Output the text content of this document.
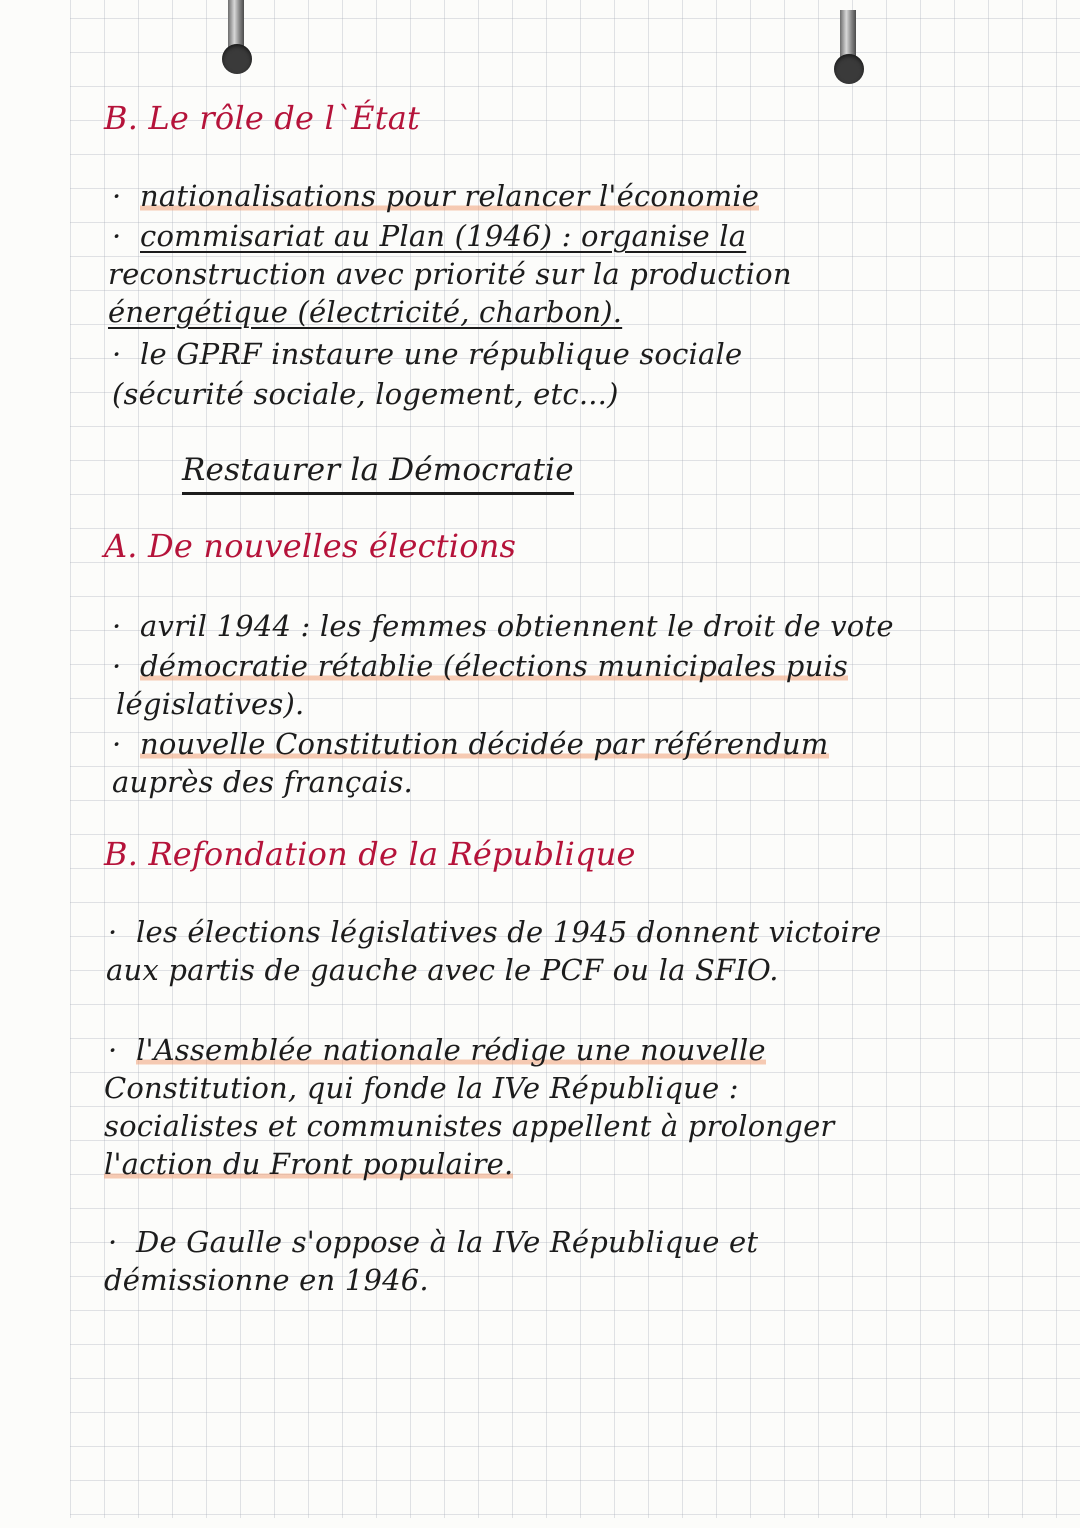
B. Le rôle de l`État
· nationalisations pour relancer l'économie
· commisariat au Plan (1946) : organise la
reconstruction avec priorité sur la production
énergétique (électricité, charbon).
· le GPRF instaure une république sociale
(sécurité sociale, logement, etc...)
Restaurer la Démocratie
A. De nouvelles élections
· avril 1944 : les femmes obtiennent le droit de vote
· démocratie rétablie (élections municipales puis
législatives).
· nouvelle Constitution décidée par référendum
auprès des français.
B. Refondation de la République
· les élections législatives de 1945 donnent victoire
aux partis de gauche avec le PCF ou la SFIO.
· l'Assemblée nationale rédige une nouvelle
Constitution, qui fonde la IVe République :
socialistes et communistes appellent à prolonger
l'action du Front populaire.
· De Gaulle s'oppose à la IVe République et
démissionne en 1946.
